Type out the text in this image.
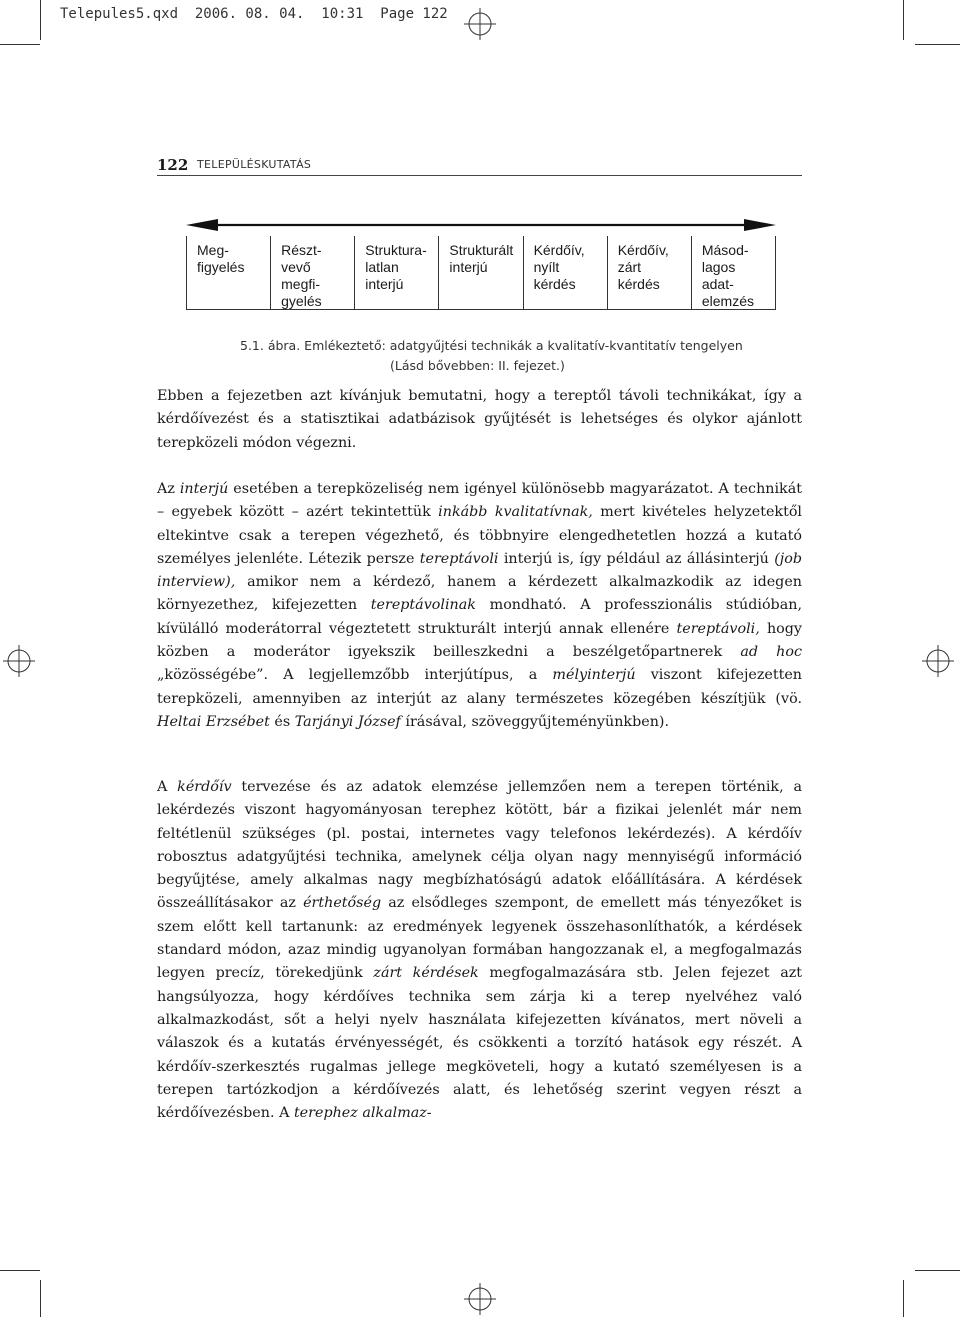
Telepules5.qxd  2006. 08. 04.  10:31  Page 122
122 TELEPÜLÉSKUTATÁS
Meg-
figyelés
Részt-
vevő
megfi-
gyelés
Struktura-
latlan
interjú
Strukturált
interjú
Kérdőív,
nyílt
kérdés
Kérdőív,
zárt
kérdés
Másod-
lagos
adat-
elemzés
5.1. ábra. Emlékeztető: adatgyűjtési technikák a kvalitatív-kvantitatív tengelyen
(Lásd bővebben: II. fejezet.)

Ebben a fejezetben azt kívánjuk bemutatni, hogy a tereptől távoli technikákat, így a kérdőívezést és a statisztikai adatbázisok gyűjtését is lehetséges és olykor ajánlott terepközeli módon végezni.

Az interjú esetében a terepközeliség nem igényel különösebb magyarázatot. A technikát – egyebek között – azért tekintettük inkább kvalitatívnak, mert kivételes helyzetektől eltekintve csak a terepen végezhető, és többnyire elengedhetetlen hozzá a kutató személyes jelenléte. Létezik persze tereptávoli interjú is, így például az állásinterjú (job interview), amikor nem a kérdező, hanem a kérdezett alkalmazkodik az idegen környezethez, kifejezetten tereptávolinak mondható. A professzionális stúdióban, kívülálló moderátorral végeztetett strukturált interjú annak ellenére tereptávoli, hogy közben a moderátor igyekszik beilleszkedni a beszélgetőpartnerek ad hoc „közösségébe”. A legjellemzőbb interjútípus, a mélyinterjú viszont kifejezetten terepközeli, amennyiben az interjút az alany természetes közegében készítjük (vö. Heltai Erzsébet és Tarjányi József írásával, szöveggyűjteményünkben).

A kérdőív tervezése és az adatok elemzése jellemzően nem a terepen történik, a lekérdezés viszont hagyományosan terephez kötött, bár a fizikai jelenlét már nem feltétlenül szükséges (pl. postai, internetes vagy telefonos lekérdezés). A kérdőív robosztus adatgyűjtési technika, amelynek célja olyan nagy mennyiségű információ begyűjtése, amely alkalmas nagy megbízhatóságú adatok előállítására. A kérdések összeállításakor az érthetőség az elsődleges szempont, de emellett más tényezőket is szem előtt kell tartanunk: az eredmények legyenek összehasonlíthatók, a kérdések standard módon, azaz mindig ugyanolyan formában hangozzanak el, a megfogalmazás legyen precíz, törekedjünk zárt kérdések megfogalmazására stb. Jelen fejezet azt hangsúlyozza, hogy kérdőíves technika sem zárja ki a terep nyelvéhez való alkalmazkodást, sőt a helyi nyelv használata kifejezetten kívánatos, mert növeli a válaszok és a kutatás érvényességét, és csökkenti a torzító hatások egy részét. A kérdőív-szerkesztés rugalmas jellege megköveteli, hogy a kutató személyesen is a terepen tartózkodjon a kérdőívezés alatt, és lehetőség szerint vegyen részt a kérdőívezésben. A terephez alkalmaz-
